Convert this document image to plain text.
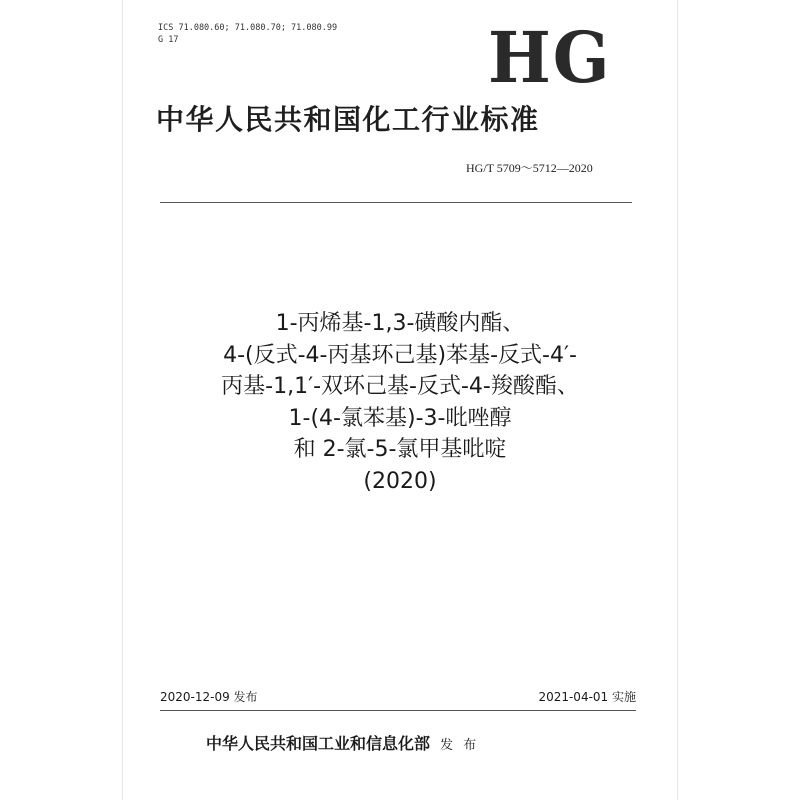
ICS 71.080.60; 71.080.70; 71.080.99
G 17	HG
中华人民共和国化工行业标准
HG/T 5709～5712—2020
1-丙烯基-1,3-磺酸内酯、
4-(反式-4-丙基环己基)苯基-反式-4′-
丙基-1,1′-双环己基-反式-4-羧酸酯、
1-(4-氯苯基)-3-吡唑醇
和 2-氯-5-氯甲基吡啶
(2020)
2020-12-09 发布	2021-04-01 实施
中华人民共和国工业和信息化部 发 布
